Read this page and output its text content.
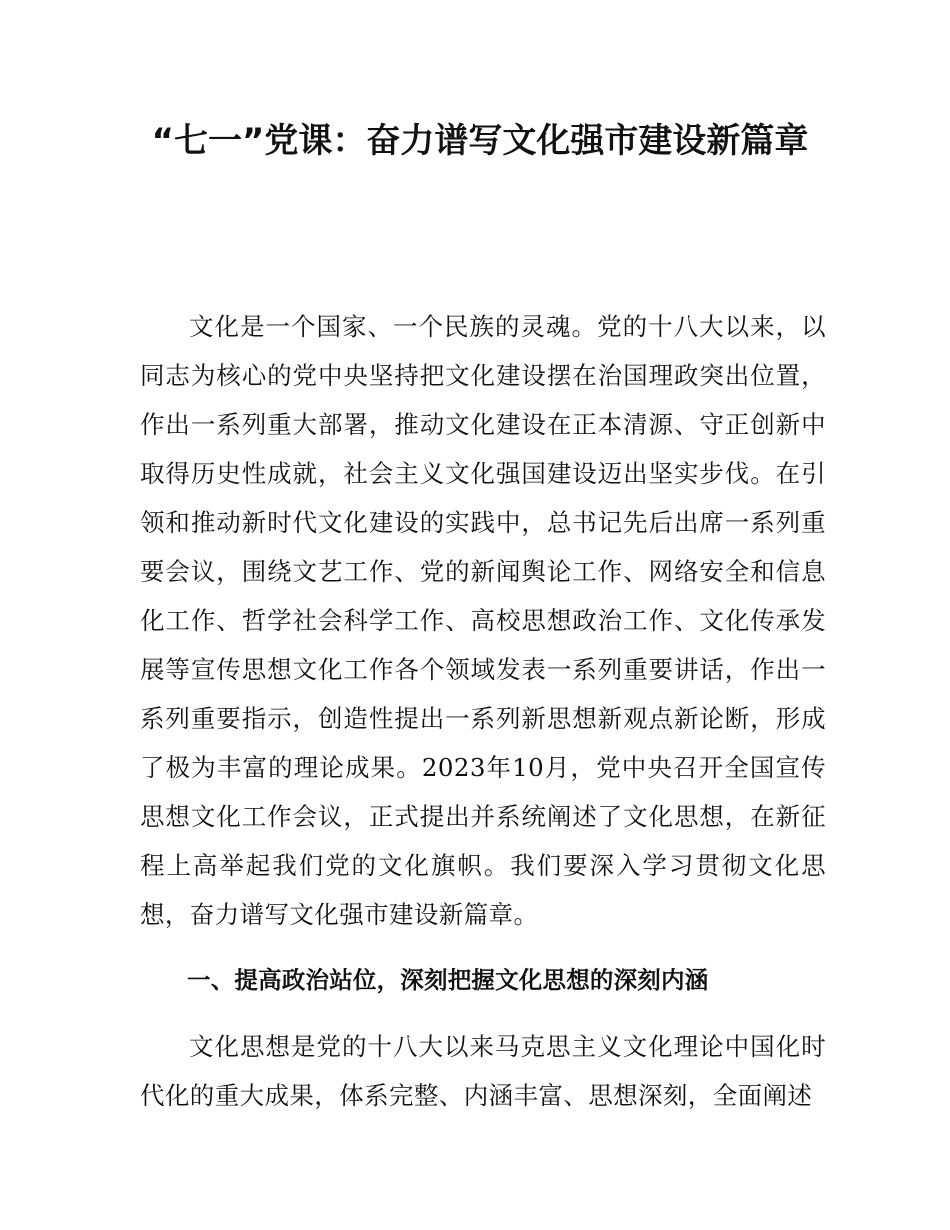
“七一”党课：奋力谱写文化强市建设新篇章

文化是一个国家、一个民族的灵魂。党的十八大以来，以同志为核心的党中央坚持把文化建设摆在治国理政突出位置，作出一系列重大部署，推动文化建设在正本清源、守正创新中取得历史性成就，社会主义文化强国建设迈出坚实步伐。在引领和推动新时代文化建设的实践中，总书记先后出席一系列重要会议，围绕文艺工作、党的新闻舆论工作、网络安全和信息化工作、哲学社会科学工作、高校思想政治工作、文化传承发展等宣传思想文化工作各个领域发表一系列重要讲话，作出一系列重要指示，创造性提出一系列新思想新观点新论断，形成了极为丰富的理论成果。2023年10月，党中央召开全国宣传思想文化工作会议，正式提出并系统阐述了文化思想，在新征程上高举起我们党的文化旗帜。我们要深入学习贯彻文化思想，奋力谱写文化强市建设新篇章。

一、提高政治站位，深刻把握文化思想的深刻内涵

文化思想是党的十八大以来马克思主义文化理论中国化时代化的重大成果，体系完整、内涵丰富、思想深刻，全面阐述
